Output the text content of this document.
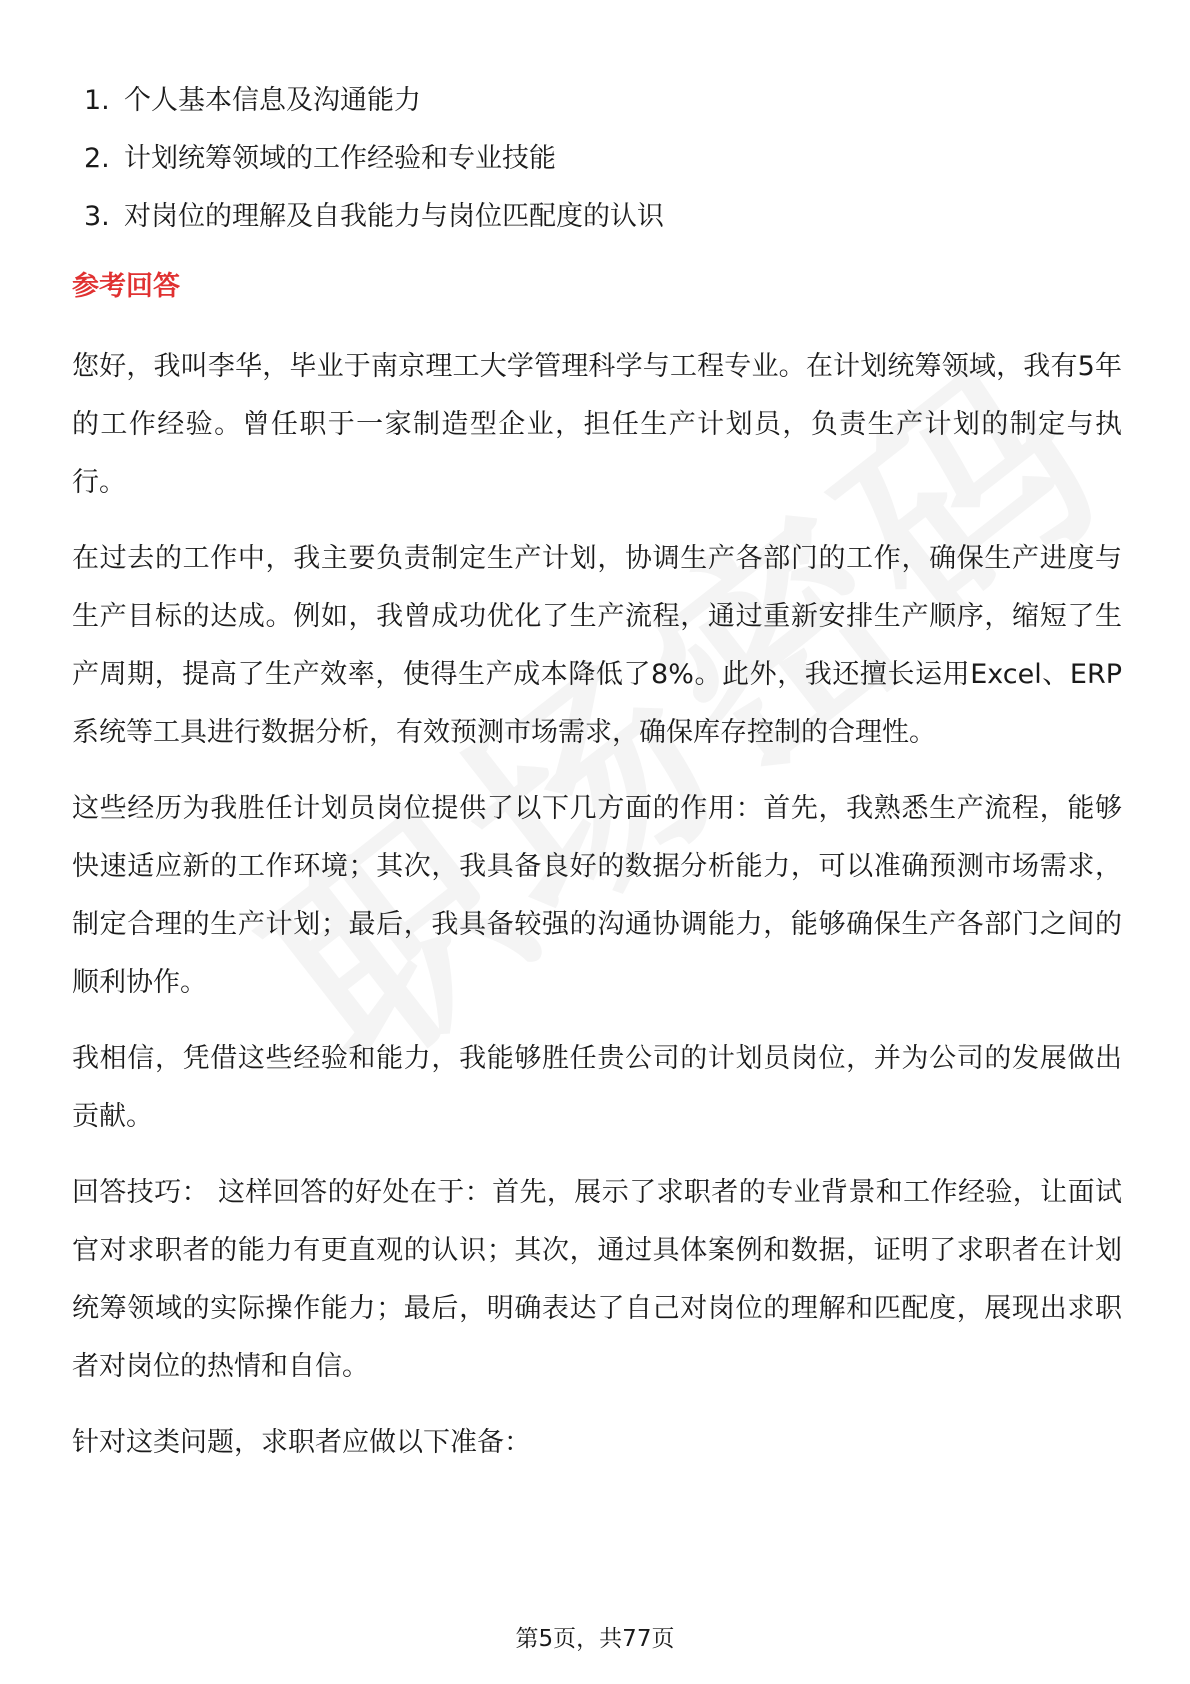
1. 个人基本信息及沟通能力
2. 计划统筹领域的工作经验和专业技能
3. 对岗位的理解及自我能力与岗位匹配度的认识
参考回答

您好，我叫李华，毕业于南京理工大学管理科学与工程专业。在计划统筹领域，我有5年的工作经验。曾任职于一家制造型企业，担任生产计划员，负责生产计划的制定与执行。

在过去的工作中，我主要负责制定生产计划，协调生产各部门的工作，确保生产进度与生产目标的达成。例如，我曾成功优化了生产流程，通过重新安排生产顺序，缩短了生产周期，提高了生产效率，使得生产成本降低了8%。此外，我还擅长运用Excel、ERP系统等工具进行数据分析，有效预测市场需求，确保库存控制的合理性。

这些经历为我胜任计划员岗位提供了以下几方面的作用：首先，我熟悉生产流程，能够快速适应新的工作环境；其次，我具备良好的数据分析能力，可以准确预测市场需求，制定合理的生产计划；最后，我具备较强的沟通协调能力，能够确保生产各部门之间的顺利协作。

我相信，凭借这些经验和能力，我能够胜任贵公司的计划员岗位，并为公司的发展做出贡献。

回答技巧： 这样回答的好处在于：首先，展示了求职者的专业背景和工作经验，让面试官对求职者的能力有更直观的认识；其次，通过具体案例和数据，证明了求职者在计划统筹领域的实际操作能力；最后，明确表达了自己对岗位的理解和匹配度，展现出求职者对岗位的热情和自信。

针对这类问题，求职者应做以下准备：

第5页，共77页
